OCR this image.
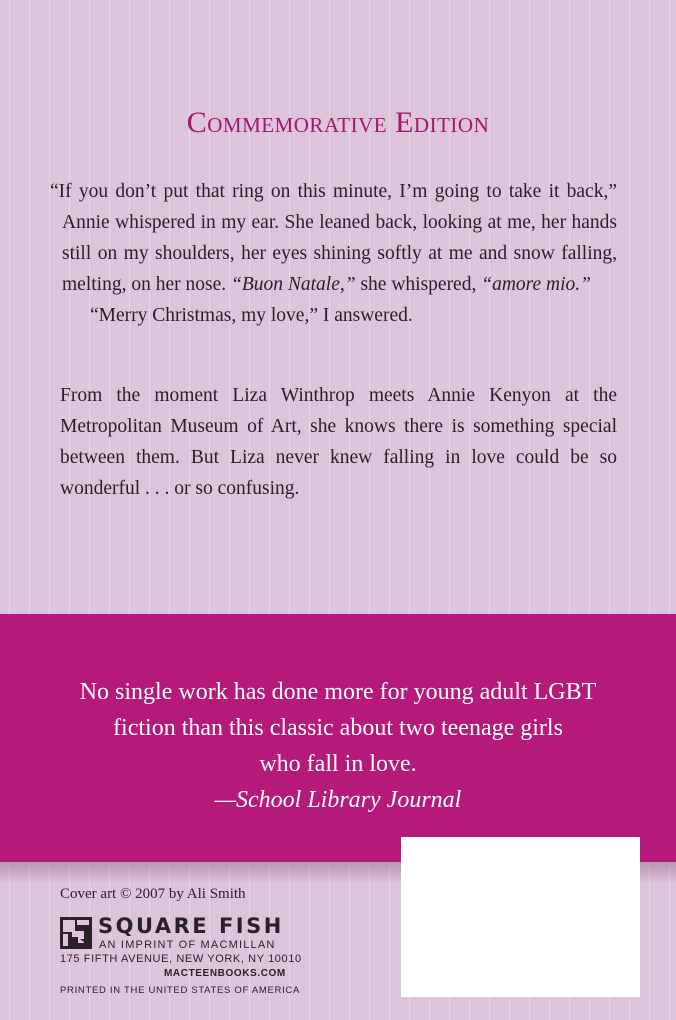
Commemorative Edition

“If you don’t put that ring on this minute, I’m going to take it back,” Annie whispered in my ear. She leaned back, looking at me, her hands still on my shoulders, her eyes shining softly at me and snow falling, melting, on her nose. “Buon Natale,” she whispered, “amore mio.”

“Merry Christmas, my love,” I answered.

From the moment Liza Winthrop meets Annie Kenyon at the Metropolitan Museum of Art, she knows there is something special between them. But Liza never knew falling in love could be so wonderful . . . or so confusing.

No single work has done more for young adult LGBT
fiction than this classic about two teenage girls
who fall in love.
—School Library Journal

Cover art © 2007 by Ali Smith

SQUARE FISH

AN IMPRINT OF MACMILLAN

175 FIFTH AVENUE, NEW YORK, NY 10010

MACTEENBOOKS.COM

PRINTED IN THE UNITED STATES OF AMERICA
